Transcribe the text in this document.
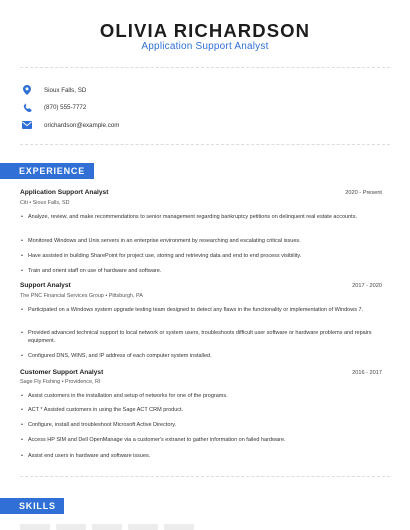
OLIVIA RICHARDSON
Application Support Analyst
Sioux Falls, SD
(870) 555-7772
orichardson@example.com
EXPERIENCE
Application Support Analyst	2020 - Present
Citi • Sioux Falls, SD
• Analyze, review, and make recommendations to senior management regarding bankruptcy petitions on delinquent real estate accounts.
• Monitored Windows and Unix servers in an enterprise environment by researching and escalating critical issues.
• Have assisted in building SharePoint for project use, storing and retrieving data and end to end process visibility.
• Train and orient staff on use of hardware and software.
Support Analyst	2017 - 2020
The PNC Financial Services Group • Pittsburgh, PA
• Participated on a Windows system upgrade testing team designed to detect any flaws in the functionality or implementation of Windows 7.
• Provided advanced technical support to local network or system users, troubleshoots difficult user software or hardware problems and repairs equipment.
• Configured DNS, WINS, and IP address of each computer system installed.
Customer Support Analyst	2016 - 2017
Sage Fly Fishing • Providence, RI
• Assist customers in the installation and setup of networks for one of the programs.
• ACT * Assisted customers in using the Sage ACT CRM product.
• Configure, install and troubleshoot Microsoft Active Directory.
• Access HP SIM and Dell OpenManage via a customer's extranet to gather information on failed hardware.
• Assist end users in hardware and software issues.
SKILLS
